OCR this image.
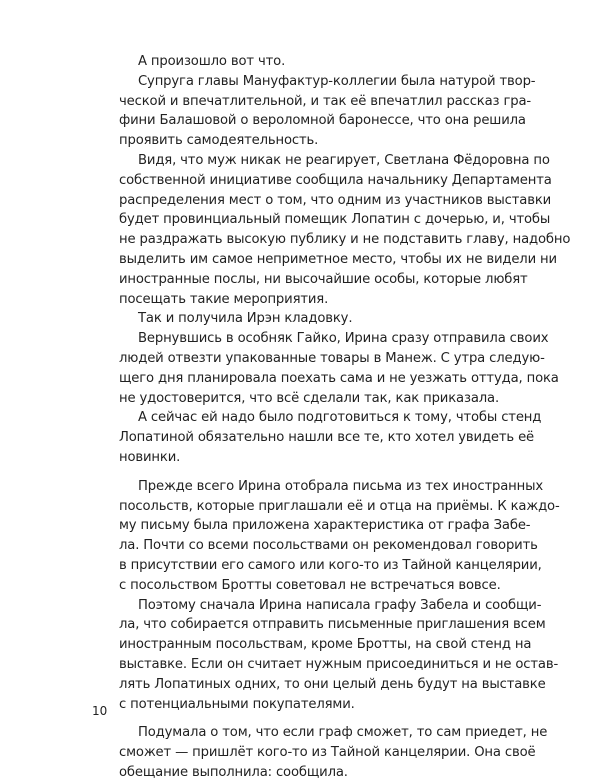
А произошло вот что.

Супруга главы Мануфактур-коллегии была натурой твор-
ческой и впечатлительной, и так её впечатлил рассказ гра-
фини Балашовой о вероломной баронессе, что она решила
проявить самодеятельность.

Видя, что муж никак не реагирует, Светлана Фёдоровна по
собственной инициативе сообщила начальнику Департамента
распределения мест о том, что одним из участников выставки
будет провинциальный помещик Лопатин с дочерью, и, чтобы
не раздражать высокую публику и не подставить главу, надобно
выделить им самое неприметное место, чтобы их не видели ни
иностранные послы, ни высочайшие особы, которые любят
посещать такие мероприятия.

Так и получила Ирэн кладовку.

Вернувшись в особняк Гайко, Ирина сразу отправила своих
людей отвезти упакованные товары в Манеж. С утра следую-
щего дня планировала поехать сама и не уезжать оттуда, пока
не удостоверится, что всё сделали так, как приказала.

А сейчас ей надо было подготовиться к тому, чтобы стенд
Лопатиной обязательно нашли все те, кто хотел увидеть её
новинки.

Прежде всего Ирина отобрала письма из тех иностранных
посольств, которые приглашали её и отца на приёмы. К каждо-
му письму была приложена характеристика от графа Забе-
ла. Почти со всеми посольствами он рекомендовал говорить
в присутствии его самого или кого-то из Тайной канцелярии,
с посольством Бротты советовал не встречаться вовсе.

Поэтому сначала Ирина написала графу Забела и сообщи-
ла, что собирается отправить письменные приглашения всем
иностранным посольствам, кроме Бротты, на свой стенд на
выставке. Если он считает нужным присоединиться и не остав-
лять Лопатиных одних, то они целый день будут на выставке
с потенциальными покупателями.

Подумала о том, что если граф сможет, то сам приедет, не
сможет — пришлёт кого-то из Тайной канцелярии. Она своё
обещание выполнила: сообщила.

10
